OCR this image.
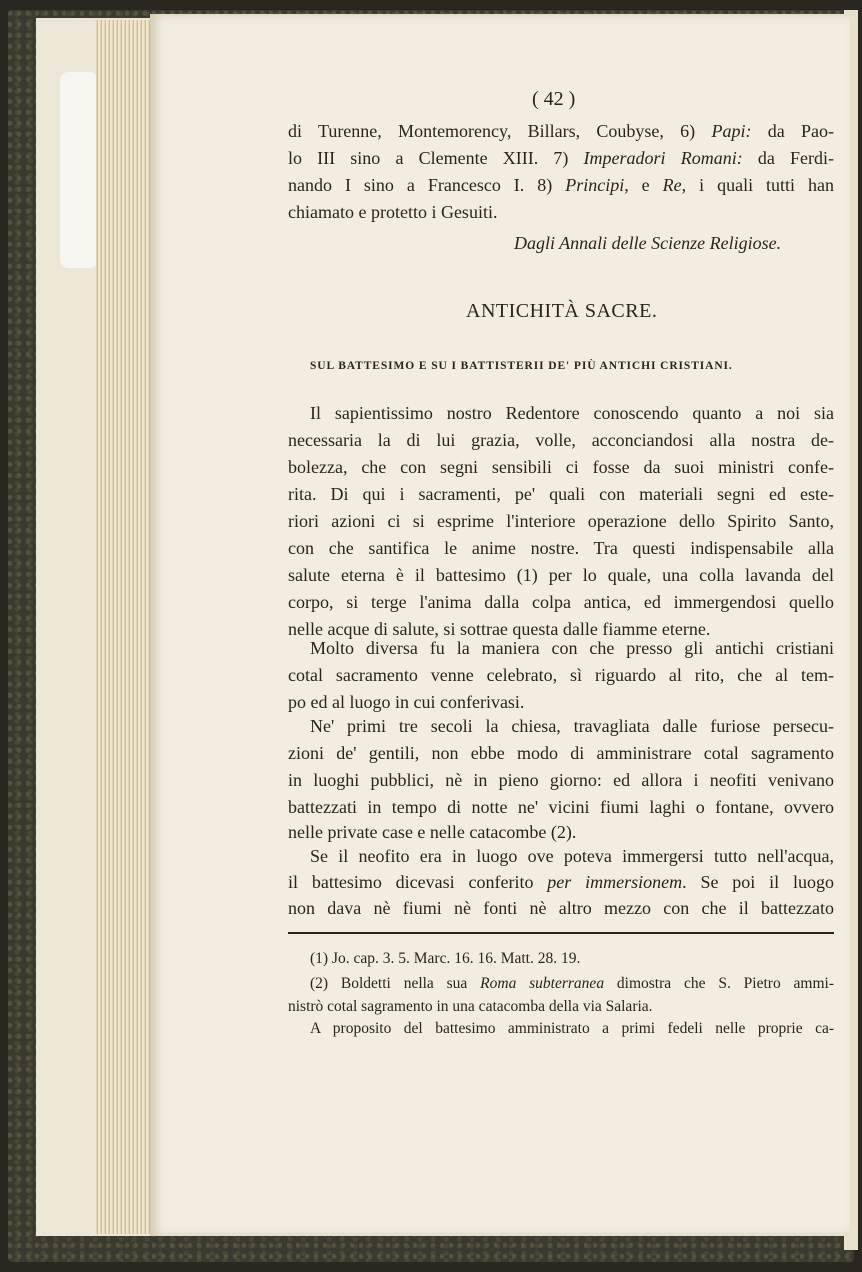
( 42 )
di Turenne, Montemorency, Billars, Coubyse, 6) Papi: da Pao-
lo III sino a Clemente XIII. 7) Imperadori Romani: da Ferdi-
nando I sino a Francesco I. 8) Principi, e Re, i quali tutti han
chiamato e protetto i Gesuiti.
Dagli Annali delle Scienze Religiose.
ANTICHITÀ SACRE.
SUL BATTESIMO E SU I BATTISTERII DE' PIÙ ANTICHI CRISTIANI.
Il sapientissimo nostro Redentore conoscendo quanto a noi sia
necessaria la di lui grazia, volle, acconciandosi alla nostra de-
bolezza, che con segni sensibili ci fosse da suoi ministri confe-
rita. Di qui i sacramenti, pe' quali con materiali segni ed este-
riori azioni ci si esprime l'interiore operazione dello Spirito Santo,
con che santifica le anime nostre. Tra questi indispensabile alla
salute eterna è il battesimo (1) per lo quale, una colla lavanda del
corpo, si terge l'anima dalla colpa antica, ed immergendosi quello
nelle acque di salute, si sottrae questa dalle fiamme eterne.
Molto diversa fu la maniera con che presso gli antichi cristiani
cotal sacramento venne celebrato, sì riguardo al rito, che al tem-
po ed al luogo in cui conferivasi.
Ne' primi tre secoli la chiesa, travagliata dalle furiose persecu-
zioni de' gentili, non ebbe modo di amministrare cotal sagramento
in luoghi pubblici, nè in pieno giorno: ed allora i neofiti venivano
battezzati in tempo di notte ne' vicini fiumi laghi o fontane, ovvero
nelle private case e nelle catacombe (2).
Se il neofito era in luogo ove poteva immergersi tutto nell'acqua,
il battesimo dicevasi conferito per immersionem. Se poi il luogo
non dava nè fiumi nè fonti nè altro mezzo con che il battezzato
(1) Jo. cap. 3. 5. Marc. 16. 16. Matt. 28. 19.
(2) Boldetti nella sua Roma subterranea dimostra che S. Pietro ammi-
nistrò cotal sagramento in una catacomba della via Salaria.
A proposito del battesimo amministrato a primi fedeli nelle proprie ca-
